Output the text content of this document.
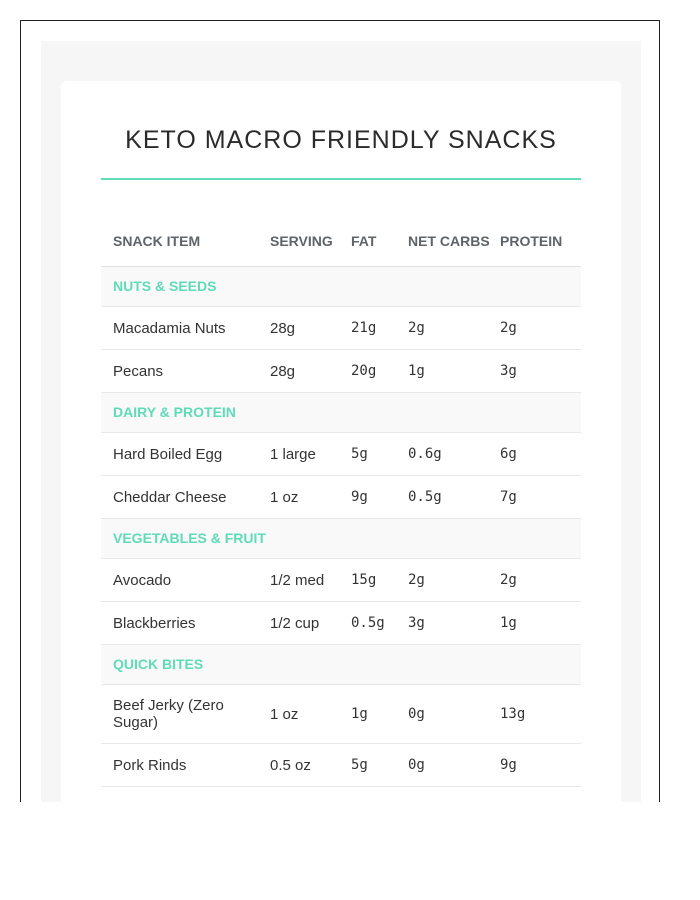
KETO MACRO FRIENDLY SNACKS
SNACK ITEM	SERVING	FAT	NET CARBS	PROTEIN
NUTS & SEEDS				
Macadamia Nuts	28g	21g	2g	2g
Pecans	28g	20g	1g	3g
DAIRY & PROTEIN				
Hard Boiled Egg	1 large	5g	0.6g	6g
Cheddar Cheese	1 oz	9g	0.5g	7g
VEGETABLES & FRUIT				
Avocado	1/2 med	15g	2g	2g
Blackberries	1/2 cup	0.5g	3g	1g
QUICK BITES				
Beef Jerky (Zero Sugar)	1 oz	1g	0g	13g
Pork Rinds	0.5 oz	5g	0g	9g
